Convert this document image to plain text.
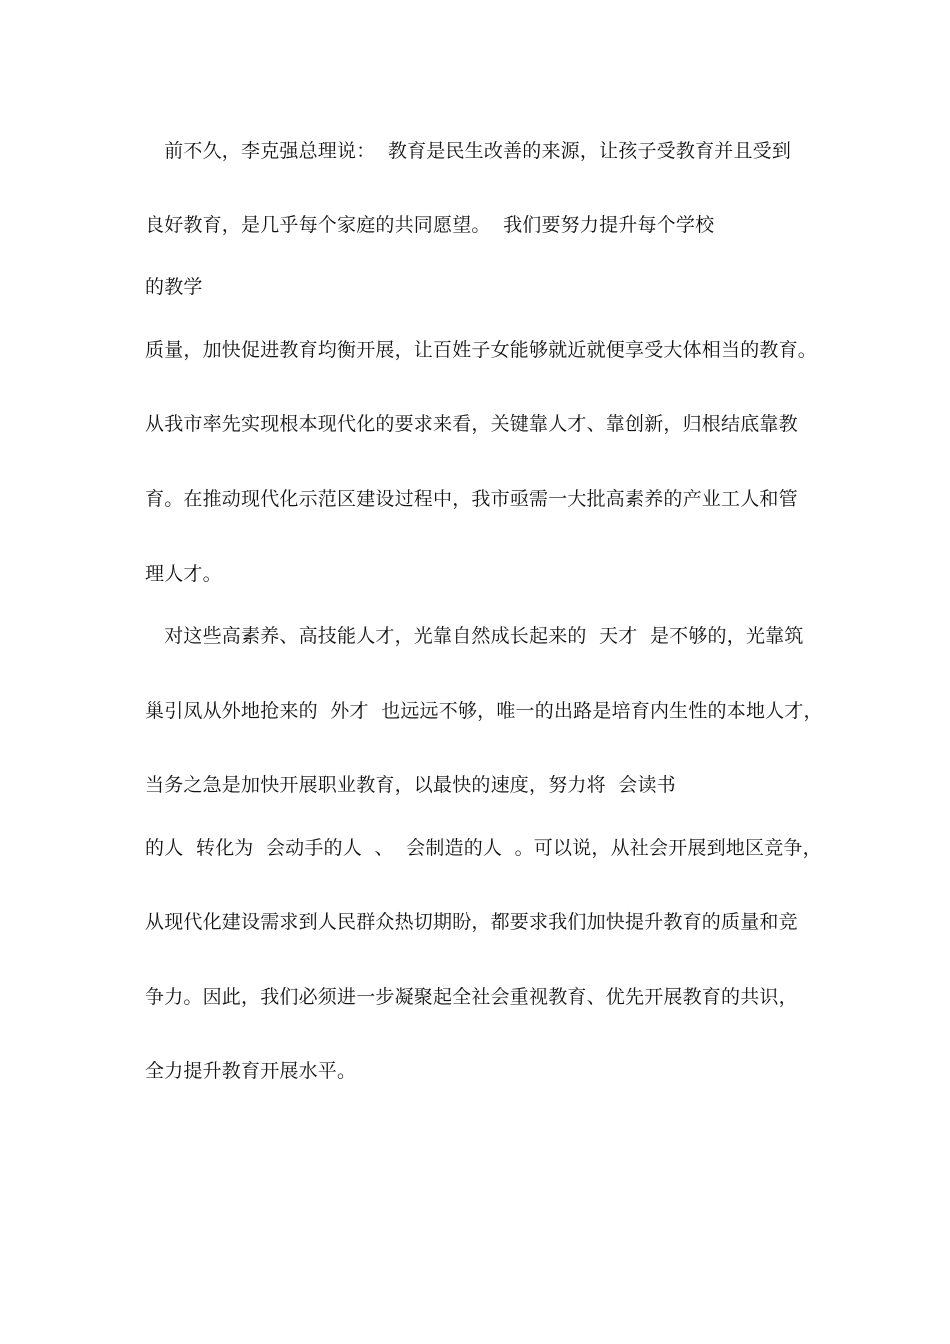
　前不久，李克强总理说：  教育是民生改善的来源，让孩子受教育并且受到
良好教育，是几乎每个家庭的共同愿望。  我们要努力提升每个学校
的教学
质量，加快促进教育均衡开展，让百姓子女能够就近就便享受大体相当的教育。
从我市率先实现根本现代化的要求来看，关键靠人才、靠创新，归根结底靠教
育。在推动现代化示范区建设过程中，我市亟需一大批高素养的产业工人和管
理人才。
　对这些高素养、高技能人才，光靠自然成长起来的  天才  是不够的，光靠筑
巢引凤从外地抢来的  外才  也远远不够，唯一的出路是培育内生性的本地人才，
当务之急是加快开展职业教育，以最快的速度，努力将  会读书
的人  转化为  会动手的人  、  会制造的人  。可以说，从社会开展到地区竞争，
从现代化建设需求到人民群众热切期盼，都要求我们加快提升教育的质量和竞
争力。因此，我们必须进一步凝聚起全社会重视教育、优先开展教育的共识，
全力提升教育开展水平。
